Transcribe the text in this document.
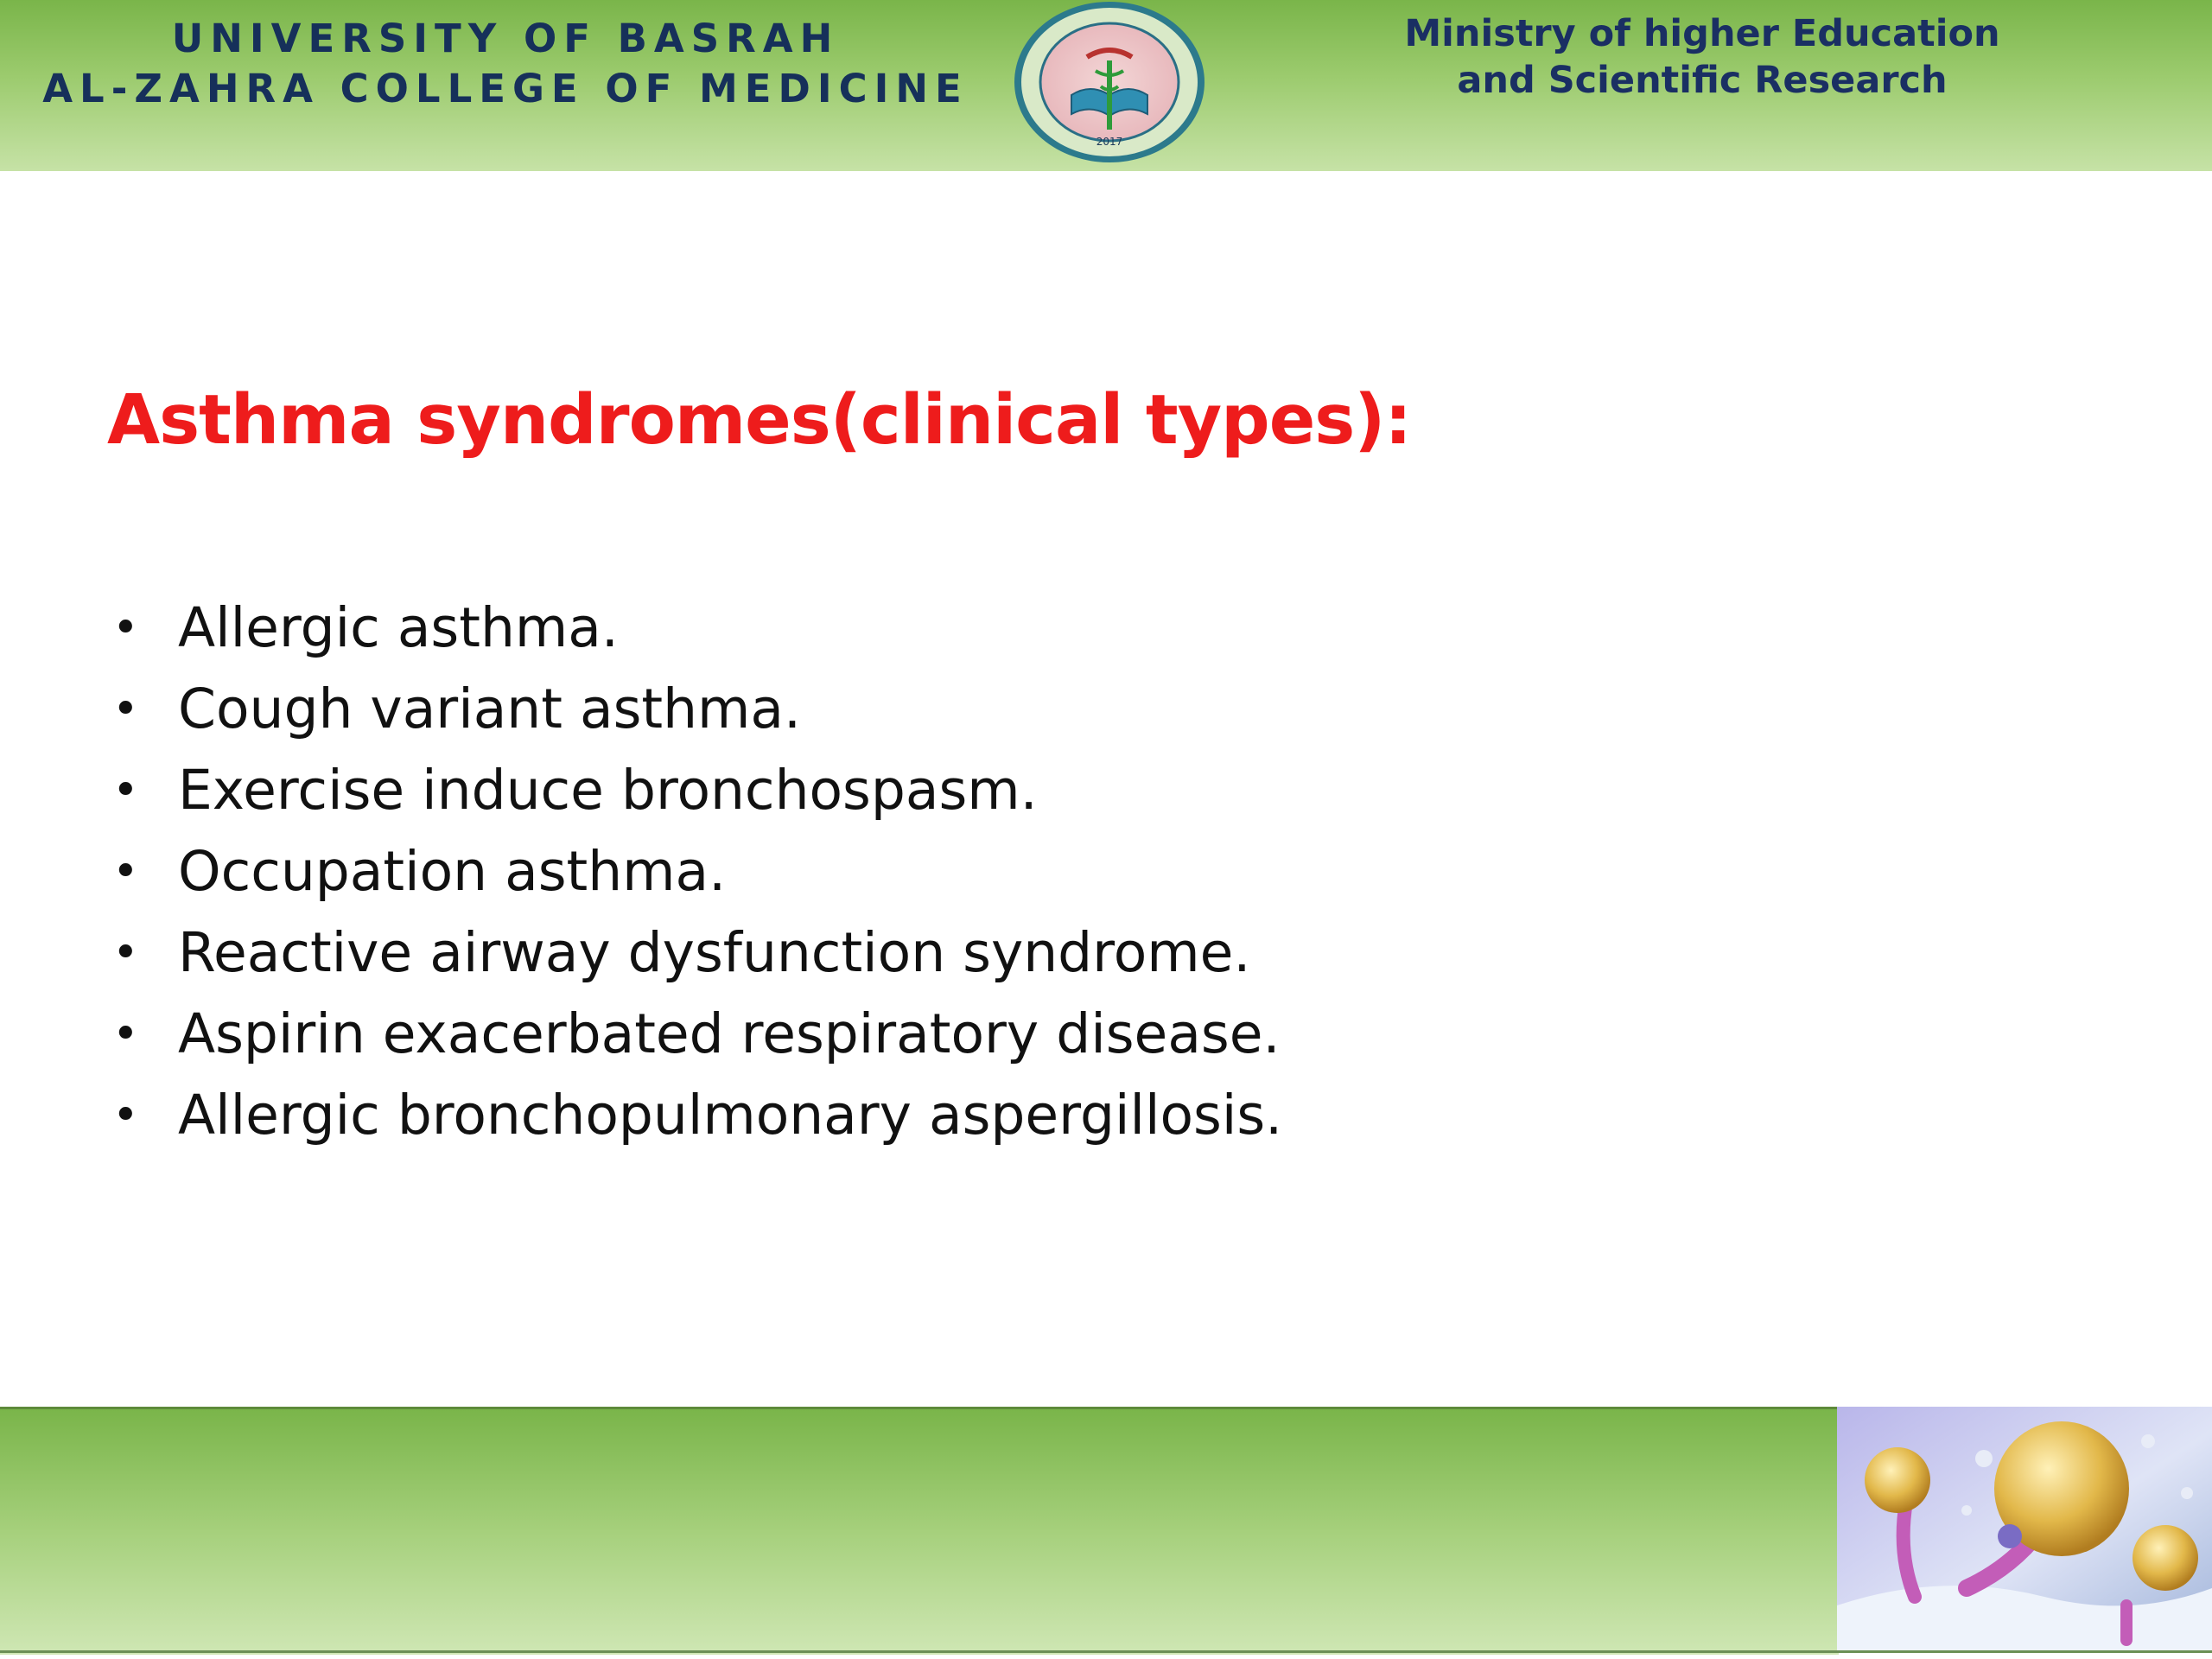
UNIVERSITY OF BASRAH
AL-ZAHRA COLLEGE OF MEDICINE
2017
Ministry of higher Education
and Scientific Research
Asthma syndromes(clinical types):
• Allergic asthma.
• Cough variant asthma.
• Exercise induce bronchospasm.
• Occupation asthma.
• Reactive airway dysfunction syndrome.
• Aspirin exacerbated respiratory disease.
• Allergic bronchopulmonary aspergillosis.
